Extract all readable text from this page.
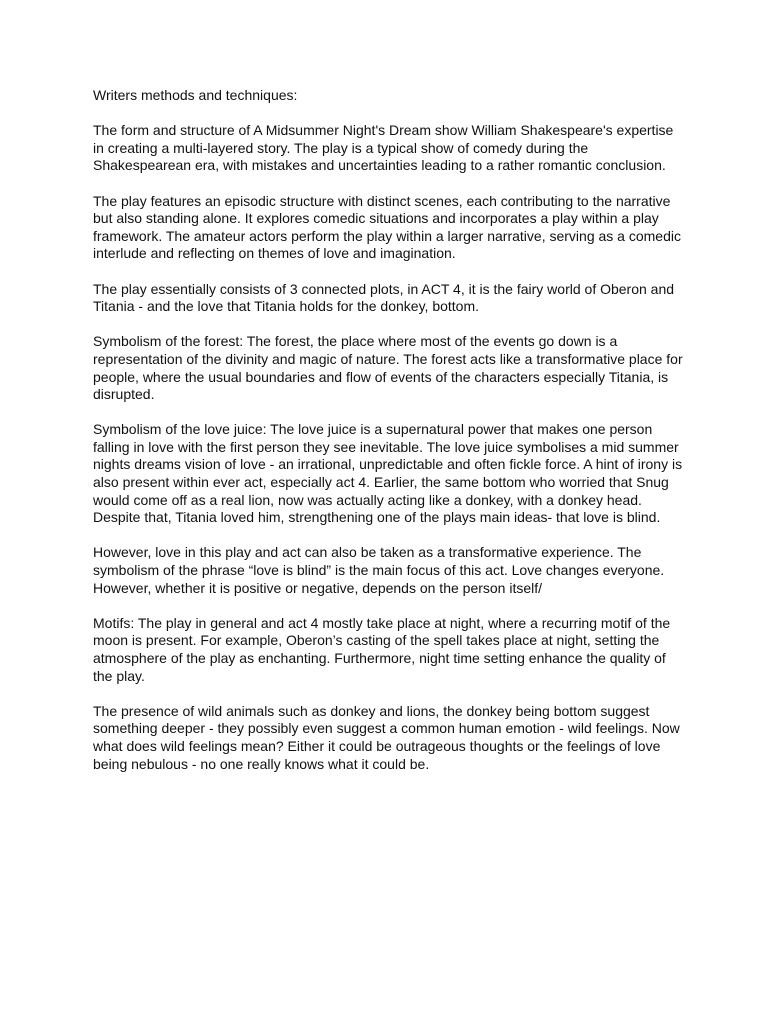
Writers methods and techniques:

The form and structure of A Midsummer Night's Dream show William Shakespeare's expertise in creating a multi-layered story. The play is a typical show of comedy during the Shakespearean era, with mistakes and uncertainties leading to a rather romantic conclusion.

The play features an episodic structure with distinct scenes, each contributing to the narrative but also standing alone. It explores comedic situations and incorporates a play within a play framework. The amateur actors perform the play within a larger narrative, serving as a comedic interlude and reflecting on themes of love and imagination.

The play essentially consists of 3 connected plots, in ACT 4, it is the fairy world of Oberon and Titania - and the love that Titania holds for the donkey, bottom.

Symbolism of the forest: The forest, the place where most of the events go down is a representation of the divinity and magic of nature. The forest acts like a transformative place for people, where the usual boundaries and flow of events of the characters especially Titania, is disrupted.

Symbolism of the love juice: The love juice is a supernatural power that makes one person falling in love with the first person they see inevitable. The love juice symbolises a mid summer nights dreams vision of love - an irrational, unpredictable and often fickle force. A hint of irony is also present within ever act, especially act 4. Earlier, the same bottom who worried that Snug would come off as a real lion, now was actually acting like a donkey, with a donkey head. Despite that, Titania loved him, strengthening one of the plays main ideas- that love is blind.

However, love in this play and act can also be taken as a transformative experience. The symbolism of the phrase “love is blind” is the main focus of this act. Love changes everyone. However, whether it is positive or negative, depends on the person itself/

Motifs: The play in general and act 4 mostly take place at night, where a recurring motif of the moon is present. For example, Oberon’s casting of the spell takes place at night, setting the atmosphere of the play as enchanting. Furthermore, night time setting enhance the quality of the play.

The presence of wild animals such as donkey and lions, the donkey being bottom suggest something deeper - they possibly even suggest a common human emotion - wild feelings. Now what does wild feelings mean? Either it could be outrageous thoughts or the feelings of love being nebulous - no one really knows what it could be.
